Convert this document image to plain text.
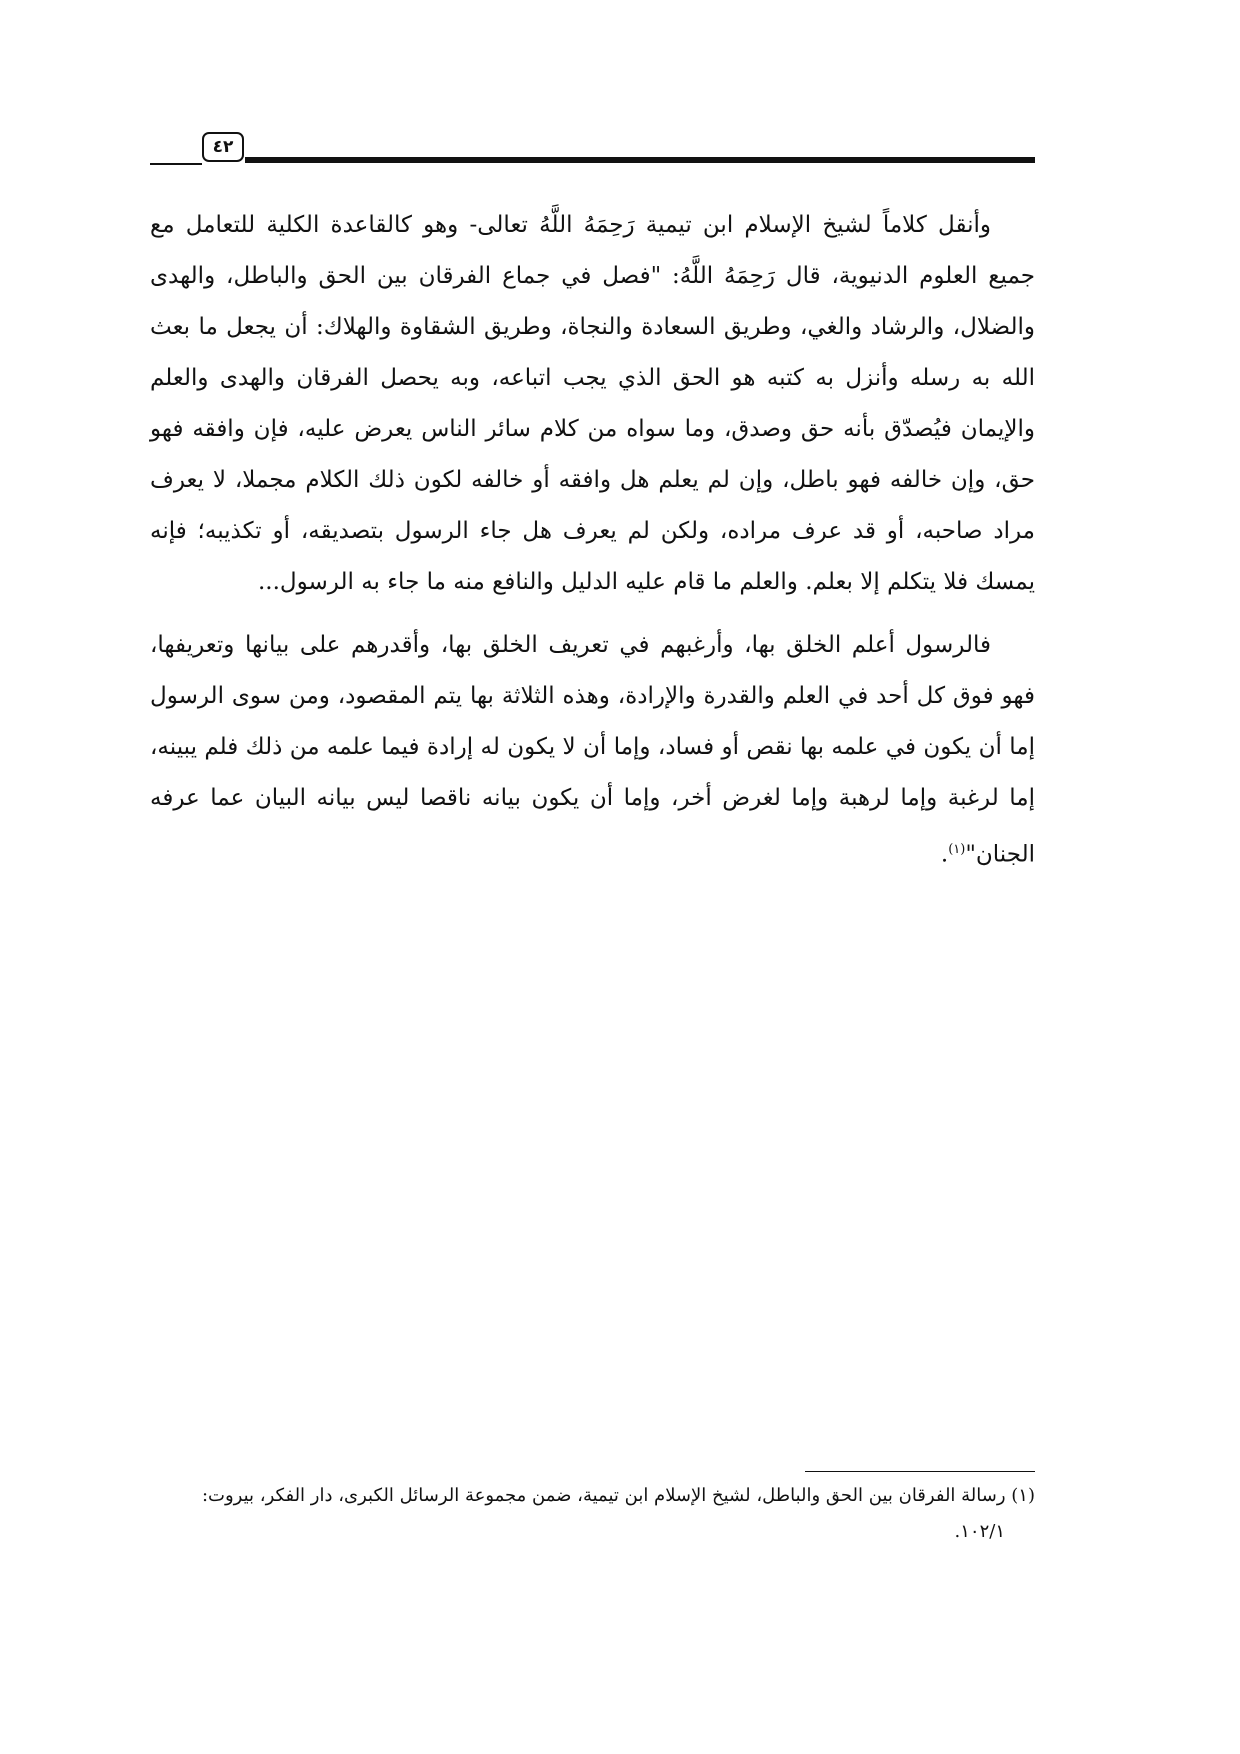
٤٢

وأنقل كلاماً لشيخ الإسلام ابن تيمية رَحِمَهُ اللَّهُ تعالى- وهو كالقاعدة الكلية للتعامل مع جميع العلوم الدنيوية، قال رَحِمَهُ اللَّهُ: "فصل في جماع الفرقان بين الحق والباطل، والهدى والضلال، والرشاد والغي، وطريق السعادة والنجاة، وطريق الشقاوة والهلاك: أن يجعل ما بعث الله به رسله وأنزل به كتبه هو الحق الذي يجب اتباعه، وبه يحصل الفرقان والهدى والعلم والإيمان فيُصدّق بأنه حق وصدق، وما سواه من كلام سائر الناس يعرض عليه، فإن وافقه فهو حق، وإن خالفه فهو باطل، وإن لم يعلم هل وافقه أو خالفه لكون ذلك الكلام مجملا، لا يعرف مراد صاحبه، أو قد عرف مراده، ولكن لم يعرف هل جاء الرسول بتصديقه، أو تكذيبه؛ فإنه يمسك فلا يتكلم إلا بعلم. والعلم ما قام عليه الدليل والنافع منه ما جاء به الرسول...

فالرسول أعلم الخلق بها، وأرغبهم في تعريف الخلق بها، وأقدرهم على بيانها وتعريفها، فهو فوق كل أحد في العلم والقدرة والإرادة، وهذه الثلاثة بها يتم المقصود، ومن سوى الرسول إما أن يكون في علمه بها نقص أو فساد، وإما أن لا يكون له إرادة فيما علمه من ذلك فلم يبينه، إما لرغبة وإما لرهبة وإما لغرض أخر، وإما أن يكون بيانه ناقصا ليس بيانه البيان عما عرفه الجنان"$^{(١)}$.

(١) رسالة الفرقان بين الحق والباطل، لشيخ الإسلام ابن تيمية، ضمن مجموعة الرسائل الكبرى، دار الفكر، بيروت:

١٠٢/١.
